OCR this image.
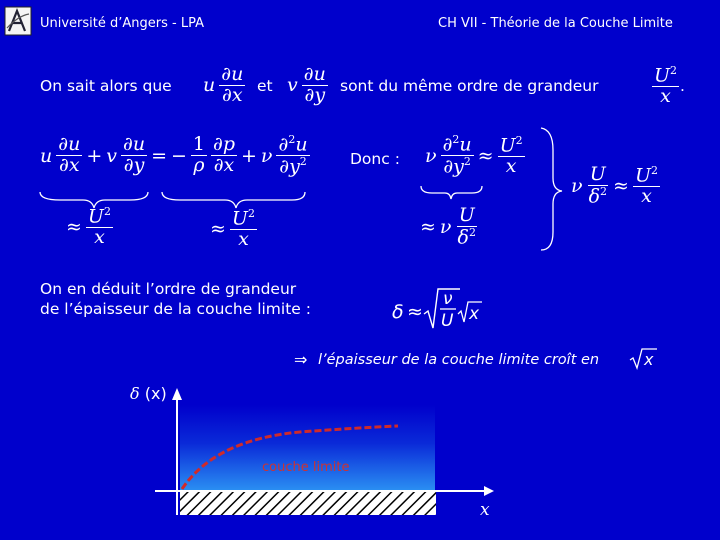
Université d’Angers - LPA	CH VII - Théorie de la Couche Limite
On sait alors que u $\frac{\partial u}{\partial x}$ et v $\frac{\partial u}{\partial y}$ sont du même ordre de grandeur	$\frac{U^2}{x}$ .
u $\frac{\partial u}{\partial x} + v \frac{\partial u}{\partial y}$ = − $\frac{1}{\rho} \frac{\partial p}{\partial x} + \nu \frac{\partial^2u}{\partial y^2}$
≈ $\frac{U^2}{x}$	≈ $\frac{U^2}{x}$
Donc : ν $\frac{\partial^2u}{\partial y^2} \approx \frac{U^2}{x}$
≈ ν $\frac{U}{\delta^2}$
ν $\frac{U}{\delta^2} \approx \frac{U^2}{x}$
On en déduit l’ordre de grandeur
de l’épaisseur de la couche limite :	δ ≈
ν
U x
⇒ l’épaisseur de la couche limite croît en	x
δ (x)
couche limite
x
